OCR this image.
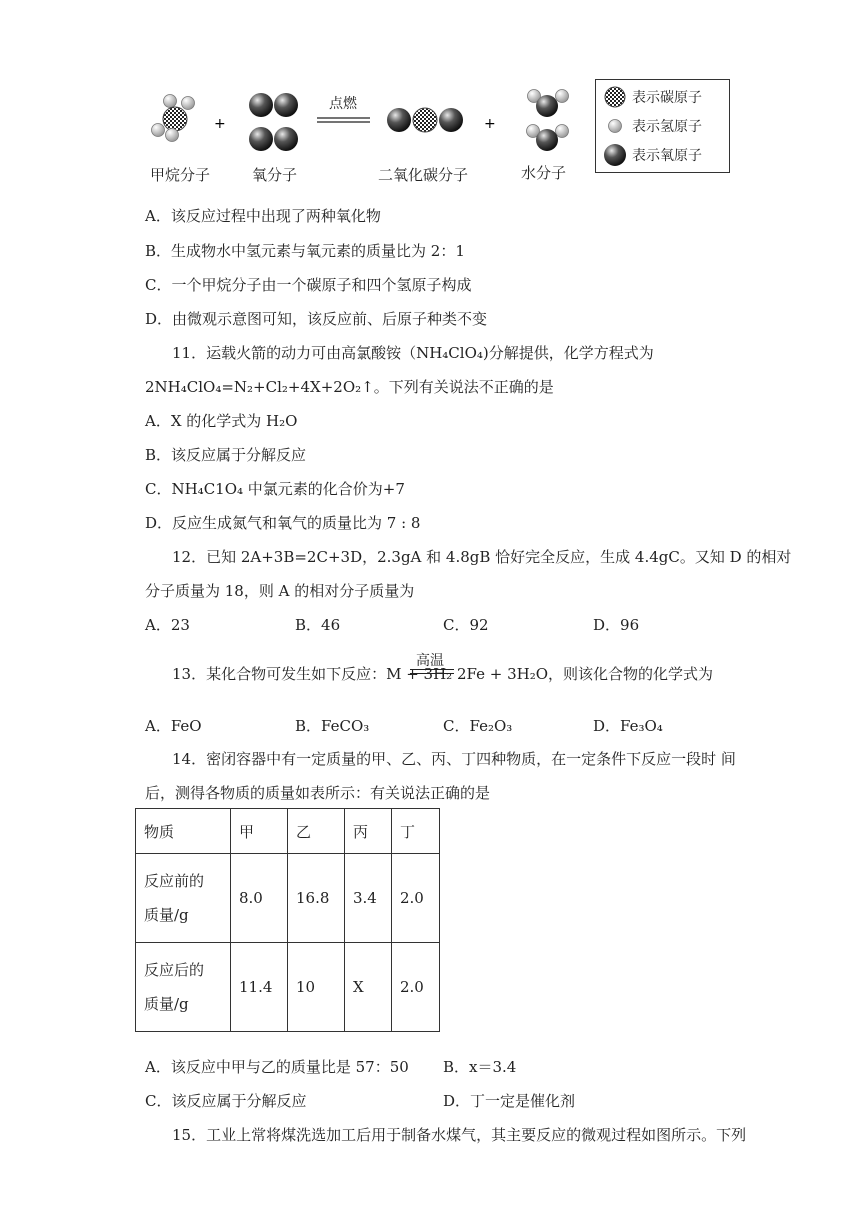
+	+
点燃
甲烷分子	氧分子	二氧化碳分子	水分子
表示碳原子
表示氢原子
表示氧原子
A．该反应过程中出现了两种氧化物
B．生成物水中氢元素与氧元素的质量比为 2：1
C．一个甲烷分子由一个碳原子和四个氢原子构成
D．由微观示意图可知，该反应前、后原子种类不变
11．运载火箭的动力可由高氯酸铵（NH₄ClO₄)分解提供，化学方程式为
2NH₄ClO₄=N₂+Cl₂+4X+2O₂↑。下列有关说法不正确的是
A．X 的化学式为 H₂O
B．该反应属于分解反应
C．NH₄C1O₄ 中氯元素的化合价为+7
D．反应生成氮气和氧气的质量比为 7 : 8
12．已知 2A+3B=2C+3D，2.3gA 和 4.8gB 恰好完全反应，生成 4.4gC。又知 D 的相对
分子质量为 18，则 A 的相对分子质量为
A．23	B．46	C．92	D．96
13．某化合物可发生如下反应：M + 3H₂
高温
2Fe + 3H₂O，则该化合物的化学式为
A．FeO	B．FeCO₃	C．Fe₂O₃	D．Fe₃O₄
14．密闭容器中有一定质量的甲、乙、丙、丁四种物质，在一定条件下反应一段时 间
后，测得各物质的质量如表所示：有关说法正确的是
物质	甲	乙	丙	丁

反应前的
质量/g	8.0	16.8	3.4	2.0

反应后的
质量/g	11.4	10	X	2.0
A．该反应中甲与乙的质量比是 57：50 B．x＝3.4
C．该反应属于分解反应	D．丁一定是催化剂
15．工业上常将煤洗选加工后用于制备水煤气，其主要反应的微观过程如图所示。下列
